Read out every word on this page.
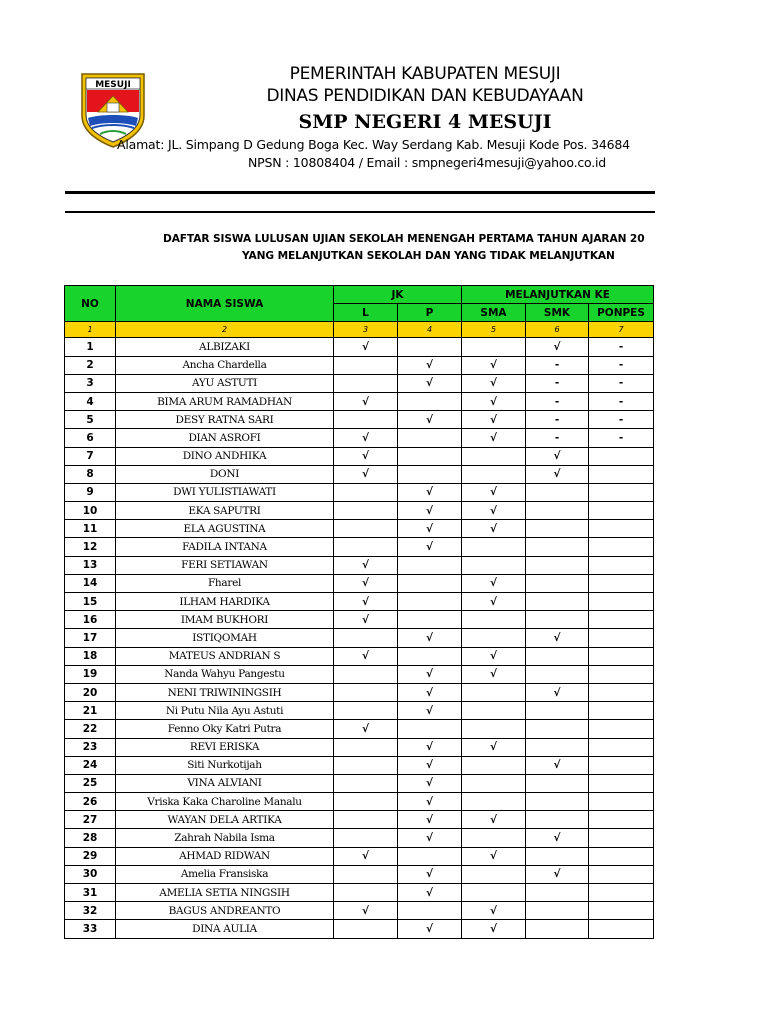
MESUJI
PEMERINTAH KABUPATEN MESUJI
DINAS PENDIDIKAN DAN KEBUDAYAAN
SMP NEGERI 4 MESUJI
Alamat: JL. Simpang D Gedung Boga Kec. Way Serdang Kab. Mesuji Kode Pos. 34684
NPSN : 10808404 / Email : smpnegeri4mesuji@yahoo.co.id
DAFTAR SISWA LULUSAN UJIAN SEKOLAH MENENGAH PERTAMA TAHUN AJARAN 20
YANG MELANJUTKAN SEKOLAH DAN YANG TIDAK MELANJUTKAN
NO	NAMA SISWA	JK		MELANJUTKAN KE		
		L	P	SMA	SMK	PONPES
1	2	3	4	5	6	7
1	ALBIZAKI	√			√	-
2	Ancha Chardella		√	√	-	-
3	AYU ASTUTI		√	√	-	-
4	BIMA ARUM RAMADHAN	√		√	-	-
5	DESY RATNA SARI		√	√	-	-
6	DIAN ASROFI	√		√	-	-
7	DINO ANDHIKA	√			√	
8	DONI	√			√	
9	DWI YULISTIAWATI		√	√		
10	EKA SAPUTRI		√	√		
11	ELA AGUSTINA		√	√		
12	FADILA INTANA		√			
13	FERI SETIAWAN	√				
14	Fharel	√		√		
15	ILHAM HARDIKA	√		√		
16	IMAM BUKHORI	√				
17	ISTIQOMAH		√		√	
18	MATEUS ANDRIAN S	√		√		
19	Nanda Wahyu Pangestu		√	√		
20	NENI TRIWININGSIH		√		√	
21	Ni Putu Nila Ayu Astuti		√			
22	Fenno Oky Katri Putra	√				
23	REVI ERISKA		√	√		
24	Siti Nurkotijah		√		√	
25	VINA ALVIANI		√			
26	Vriska Kaka Charoline Manalu		√			
27	WAYAN DELA ARTIKA		√	√		
28	Zahrah Nabila Isma		√		√	
29	AHMAD RIDWAN	√		√		
30	Amelia Fransiska		√		√	
31	AMELIA SETIA NINGSIH		√			
32	BAGUS ANDREANTO	√		√		
33	DINA AULIA		√	√		
